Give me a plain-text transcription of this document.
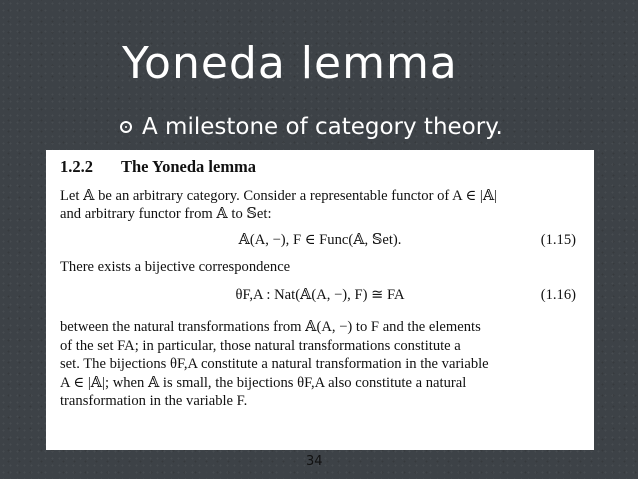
Yoneda lemma
A milestone of category theory.
1.2.2 The Yoneda lemma

Let 𝔸 be an arbitrary category. Consider a representable functor of A ∈ |𝔸|

and arbitrary functor from 𝔸 to 𝕊et:

𝔸(A, −), F ∈ Func(𝔸, 𝕊et).	(1.15)

There exists a bijective correspondence

θF,A : Nat(𝔸(A, −), F) ≅ FA	(1.16)

between the natural transformations from 𝔸(A, −) to F and the elements

of the set FA; in particular, those natural transformations constitute a

set. The bijections θF,A constitute a natural transformation in the variable

A ∈ |𝔸|; when 𝔸 is small, the bijections θF,A also constitute a natural

transformation in the variable F.

34
